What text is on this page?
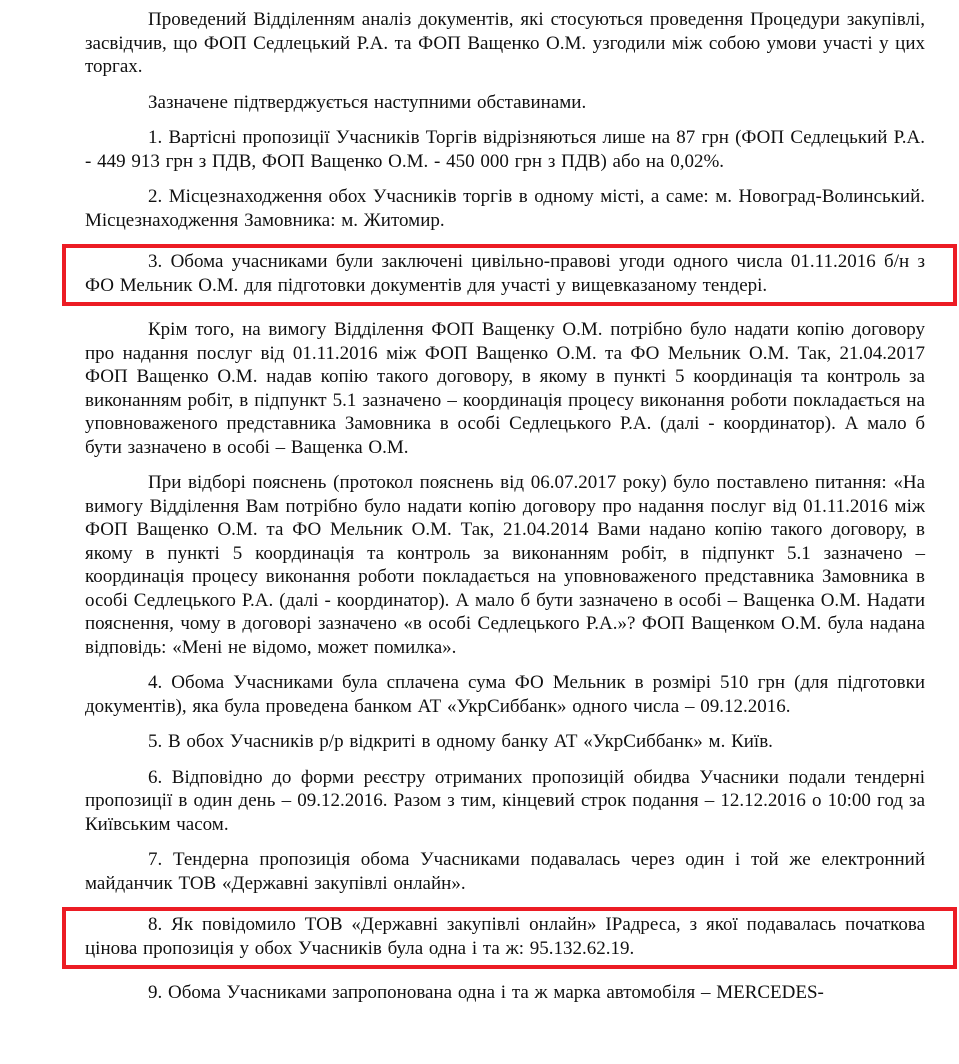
Проведений Відділенням аналіз документів, які стосуються проведення Процедури закупівлі, засвідчив, що ФОП Седлецький Р.А. та ФОП Ващенко О.М. узгодили між собою умови участі у цих торгах.

Зазначене підтверджується наступними обставинами.

1. Вартісні пропозиції Учасників Торгів відрізняються лише на 87 грн (ФОП Седлецький Р.А. - 449 913 грн з ПДВ, ФОП Ващенко О.М. - 450 000 грн з ПДВ) або на 0,02%.

2. Місцезнаходження обох Учасників торгів в одному місті, а саме: м. Новоград-Волинський. Місцезнаходження Замовника: м. Житомир.

3. Обома учасниками були заключені цивільно-правові угоди одного числа 01.11.2016 б/н з ФО Мельник О.М. для підготовки документів для участі у вищевказаному тендері.

Крім того, на вимогу Відділення ФОП Ващенку О.М. потрібно було надати копію договору про надання послуг від 01.11.2016 між ФОП Ващенко О.М. та ФО Мельник О.М. Так, 21.04.2017 ФОП Ващенко О.М. надав копію такого договору, в якому в пункті 5 координація та контроль за виконанням робіт, в підпункт 5.1 зазначено – координація процесу виконання роботи покладається на уповноваженого представника Замовника в особі Седлецького Р.А. (далі - координатор). А мало б бути зазначено в особі – Ващенка О.М.

При відборі пояснень (протокол пояснень від 06.07.2017 року) було поставлено питання: «На вимогу Відділення Вам потрібно було надати копію договору про надання послуг від 01.11.2016 між ФОП Ващенко О.М. та ФО Мельник О.М. Так, 21.04.2014 Вами надано копію такого договору, в якому в пункті 5 координація та контроль за виконанням робіт, в підпункт 5.1 зазначено – координація процесу виконання роботи покладається на уповноваженого представника Замовника в особі Седлецького Р.А. (далі - координатор). А мало б бути зазначено в особі – Ващенка О.М. Надати пояснення, чому в договорі зазначено «в особі Седлецького Р.А.»? ФОП Ващенком О.М. була надана відповідь: «Мені не відомо, может помилка».

4. Обома Учасниками була сплачена сума ФО Мельник в розмірі 510 грн (для підготовки документів), яка була проведена банком АТ «УкрСиббанк» одного числа – 09.12.2016.

5. В обох Учасників р/р відкриті в одному банку АТ «УкрСиббанк» м. Київ.

6. Відповідно до форми реєстру отриманих пропозицій обидва Учасники подали тендерні пропозиції в один день – 09.12.2016. Разом з тим, кінцевий строк подання – 12.12.2016 о 10:00 год за Київським часом.

7. Тендерна пропозиція обома Учасниками подавалась через один і той же електронний майданчик ТОВ «Державні закупівлі онлайн».

8. Як повідомило ТОВ «Державні закупівлі онлайн» ІРадреса, з якої подавалась початкова цінова пропозиція у обох Учасників була одна і та ж: 95.132.62.19.

9. Обома Учасниками запропонована одна і та ж марка автомобіля – MERCEDES-
